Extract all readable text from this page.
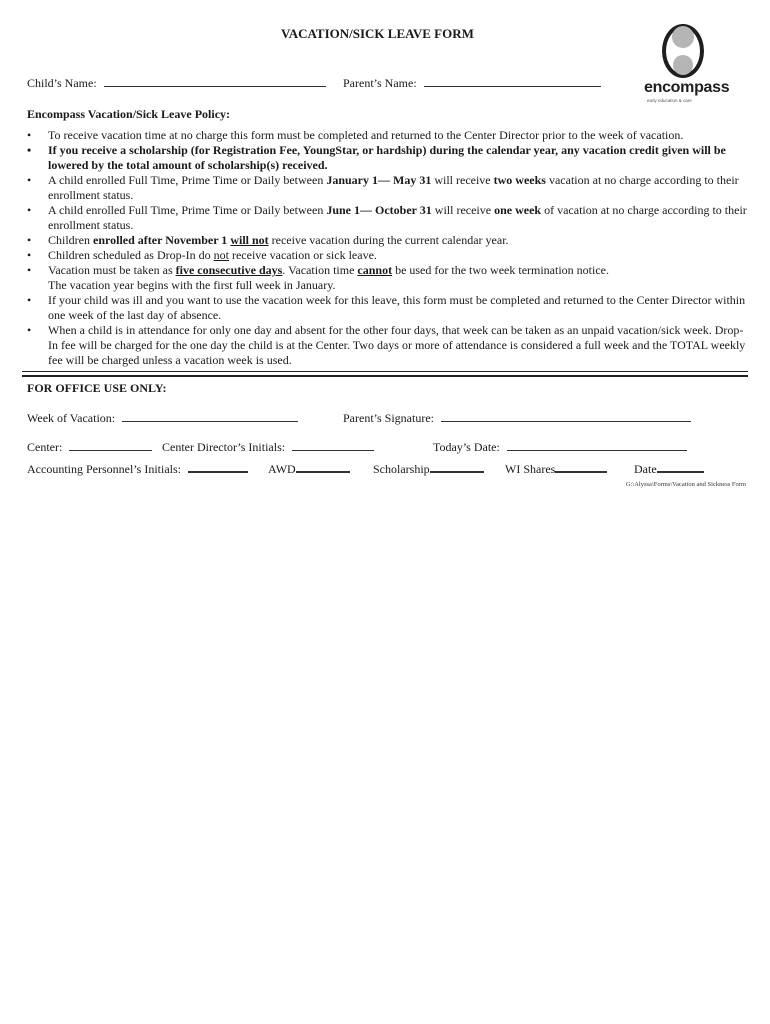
VACATION/SICK LEAVE FORM
encompass
early education & care
Child’s Name:	Parent’s Name:
Encompass Vacation/Sick Leave Policy:
• To receive vacation time at no charge this form must be completed and returned to the Center Director prior to the week of vacation.
• If you receive a scholarship (for Registration Fee, YoungStar, or hardship) during the calendar year, any vacation credit given will be lowered by the total amount of scholarship(s) received.
• A child enrolled Full Time, Prime Time or Daily between January 1— May 31 will receive two weeks vacation at no charge according to their enrollment status.
• A child enrolled Full Time, Prime Time or Daily between June 1— October 31 will receive one week of vacation at no charge according to their enrollment status.
• Children enrolled after November 1 will not receive vacation during the current calendar year.
• Children scheduled as Drop-In do not receive vacation or sick leave.
• Vacation must be taken as five consecutive days. Vacation time cannot be used for the two week termination notice.
The vacation year begins with the first full week in January.
• If your child was ill and you want to use the vacation week for this leave, this form must be completed and returned to the Center Director within one week of the last day of absence.
• When a child is in attendance for only one day and absent for the other four days, that week can be taken as an unpaid vacation/sick week. Drop-In fee will be charged for the one day the child is at the Center. Two days or more of attendance is considered a full week and the TOTAL weekly fee will be charged unless a vacation week is used.
FOR OFFICE USE ONLY:
Week of Vacation:	Parent’s Signature:
Center:	Center Director’s Initials:	Today’s Date:
Accounting Personnel’s Initials:	AWD	Scholarship	WI Shares	Date
G:\Alyssa\Forms\Vacation and Sickness Form
